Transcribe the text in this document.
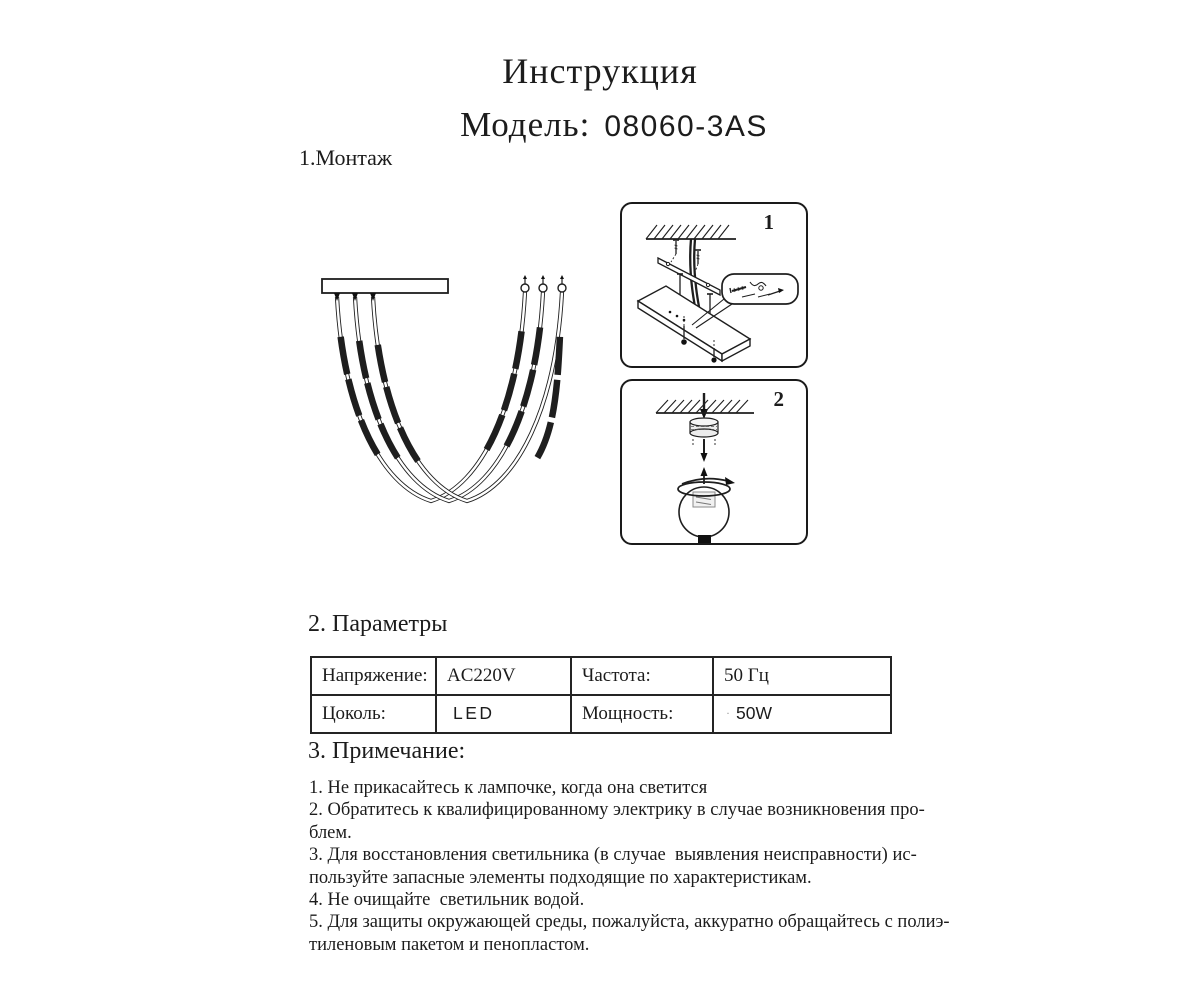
Инструкция
Модель: 08060-3AS
1.Монтаж
1
2
2. Параметры
Напряжение:	AC220V	Частота:	50 Гц
Цоколь:	LED	Мощность:	· 50W
3. Примечание:
1. Не прикасайтесь к лампочке, когда она светится
2. Обратитесь к квалифицированному электрику в случае возникновения про-
блем.
3. Для восстановления светильника (в случае  выявления неисправности) ис-
пользуйте запасные элементы подходящие по характеристикам.
4. Не очищайте  светильник водой.
5. Для защиты окружающей среды, пожалуйста, аккуратно обращайтесь с полиэ-
тиленовым пакетом и пенопластом.
